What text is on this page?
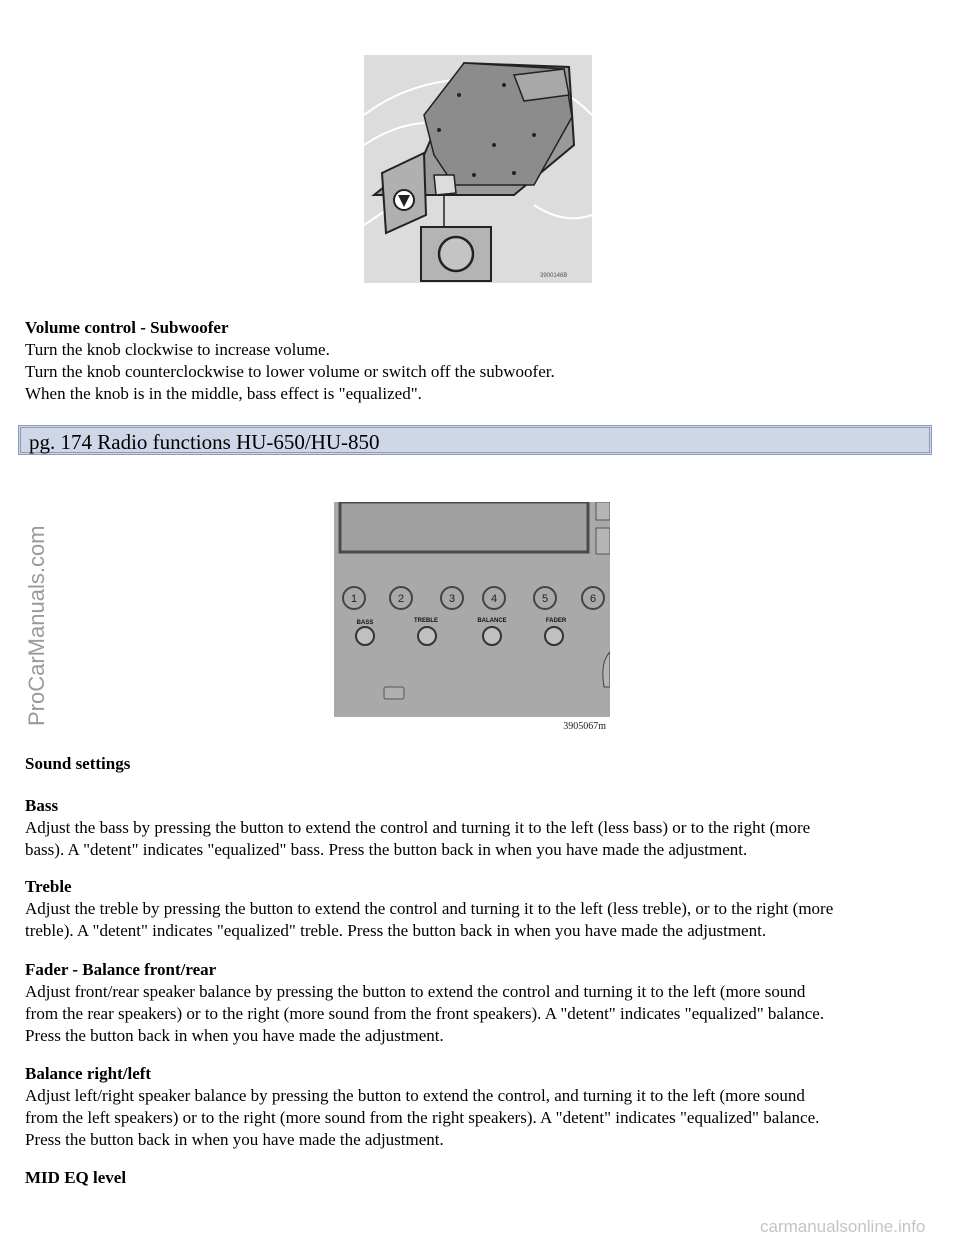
3900146B
Volume control - Subwoofer
Turn the knob clockwise to increase volume.
Turn the knob counterclockwise to lower volume or switch off the subwoofer.
When the knob is in the middle, bass effect is "equalized".
pg. 174 Radio functions HU-650/HU-850
1	2	3	4	5	6
BASS	TREBLE	BALANCE	FADER
3905067m
Sound settings
Bass
Adjust the bass by pressing the button to extend the control and turning it to the left (less bass) or to the right (more
bass). A "detent" indicates "equalized" bass. Press the button back in when you have made the adjustment.
Treble
Adjust the treble by pressing the button to extend the control and turning it to the left (less treble), or to the right (more
treble). A "detent" indicates "equalized" treble. Press the button back in when you have made the adjustment.
Fader - Balance front/rear
Adjust front/rear speaker balance by pressing the button to extend the control and turning it to the left (more sound
from the rear speakers) or to the right (more sound from the front speakers). A "detent" indicates "equalized" balance.
Press the button back in when you have made the adjustment.
Balance right/left
Adjust left/right speaker balance by pressing the button to extend the control, and turning it to the left (more sound
from the left speakers) or to the right (more sound from the right speakers). A "detent" indicates "equalized" balance.
Press the button back in when you have made the adjustment.
MID EQ level
ProCarManuals.com
carmanualsonline.info
